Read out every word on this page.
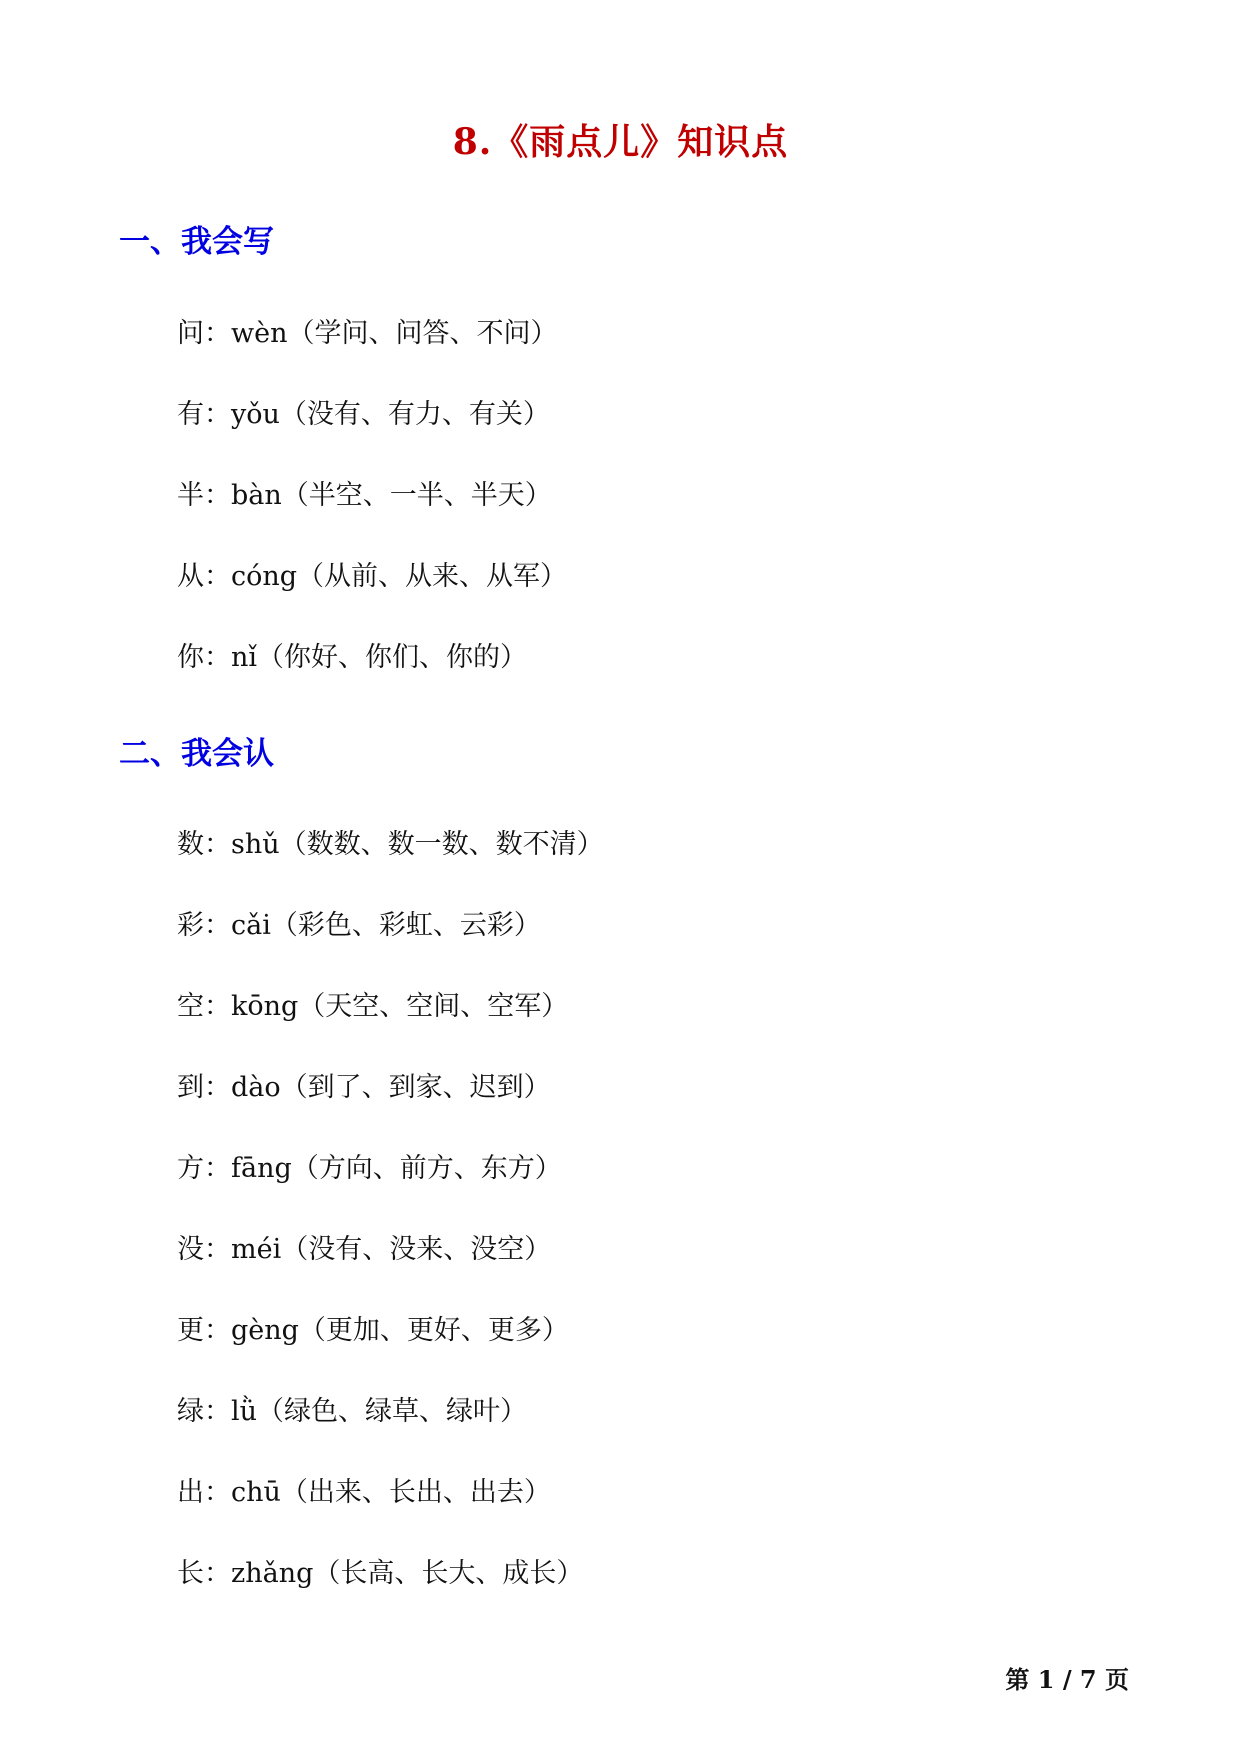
8.《雨点儿》知识点
一、我会写
问：wèn（学问、问答、不问）
有：yǒu（没有、有力、有关）
半：bàn（半空、一半、半天）
从：cóng（从前、从来、从军）
你：nǐ（你好、你们、你的）
二、我会认
数：shǔ（数数、数一数、数不清）
彩：cǎi（彩色、彩虹、云彩）
空：kōng（天空、空间、空军）
到：dào（到了、到家、迟到）
方：fāng（方向、前方、东方）
没：méi（没有、没来、没空）
更：gèng（更加、更好、更多）
绿：lǜ（绿色、绿草、绿叶）
出：chū（出来、长出、出去）
长：zhǎng（长高、长大、成长）
第 1 / 7 页
